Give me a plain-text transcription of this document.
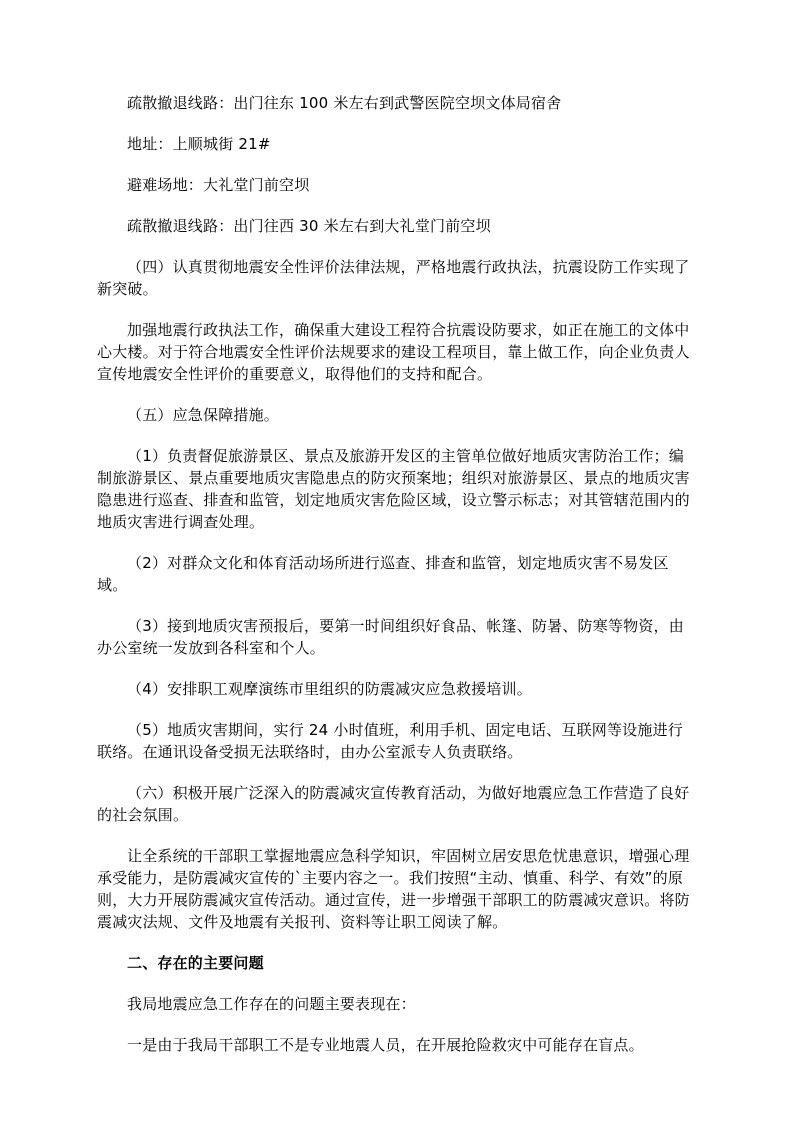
疏散撤退线路：出门往东 100 米左右到武警医院空坝文体局宿舍

地址：上顺城街 21#

避难场地：大礼堂门前空坝

疏散撤退线路：出门往西 30 米左右到大礼堂门前空坝

（四）认真贯彻地震安全性评价法律法规，严格地震行政执法，抗震设防工作实现了新突破。

加强地震行政执法工作，确保重大建设工程符合抗震设防要求，如正在施工的文体中心大楼。对于符合地震安全性评价法规要求的建设工程项目，靠上做工作，向企业负责人宣传地震安全性评价的重要意义，取得他们的支持和配合。

（五）应急保障措施。

（1）负责督促旅游景区、景点及旅游开发区的主管单位做好地质灾害防治工作；编制旅游景区、景点重要地质灾害隐患点的防灾预案地；组织对旅游景区、景点的地质灾害隐患进行巡查、排查和监管，划定地质灾害危险区域，设立警示标志；对其管辖范围内的地质灾害进行调查处理。

（2）对群众文化和体育活动场所进行巡查、排查和监管，划定地质灾害不易发区域。

（3）接到地质灾害预报后，要第一时间组织好食品、帐篷、防暑、防寒等物资，由办公室统一发放到各科室和个人。

（4）安排职工观摩演练市里组织的防震减灾应急救援培训。

（5）地质灾害期间，实行 24 小时值班，利用手机、固定电话、互联网等设施进行联络。在通讯设备受损无法联络时，由办公室派专人负责联络。

（六）积极开展广泛深入的防震减灾宣传教育活动，为做好地震应急工作营造了良好的社会氛围。

让全系统的干部职工掌握地震应急科学知识，牢固树立居安思危忧患意识，增强心理承受能力，是防震减灾宣传的`主要内容之一。我们按照“主动、慎重、科学、有效”的原则，大力开展防震减灾宣传活动。通过宣传，进一步增强干部职工的防震减灾意识。将防震减灾法规、文件及地震有关报刊、资料等让职工阅读了解。

二、存在的主要问题

我局地震应急工作存在的问题主要表现在：

一是由于我局干部职工不是专业地震人员，在开展抢险救灾中可能存在盲点。
